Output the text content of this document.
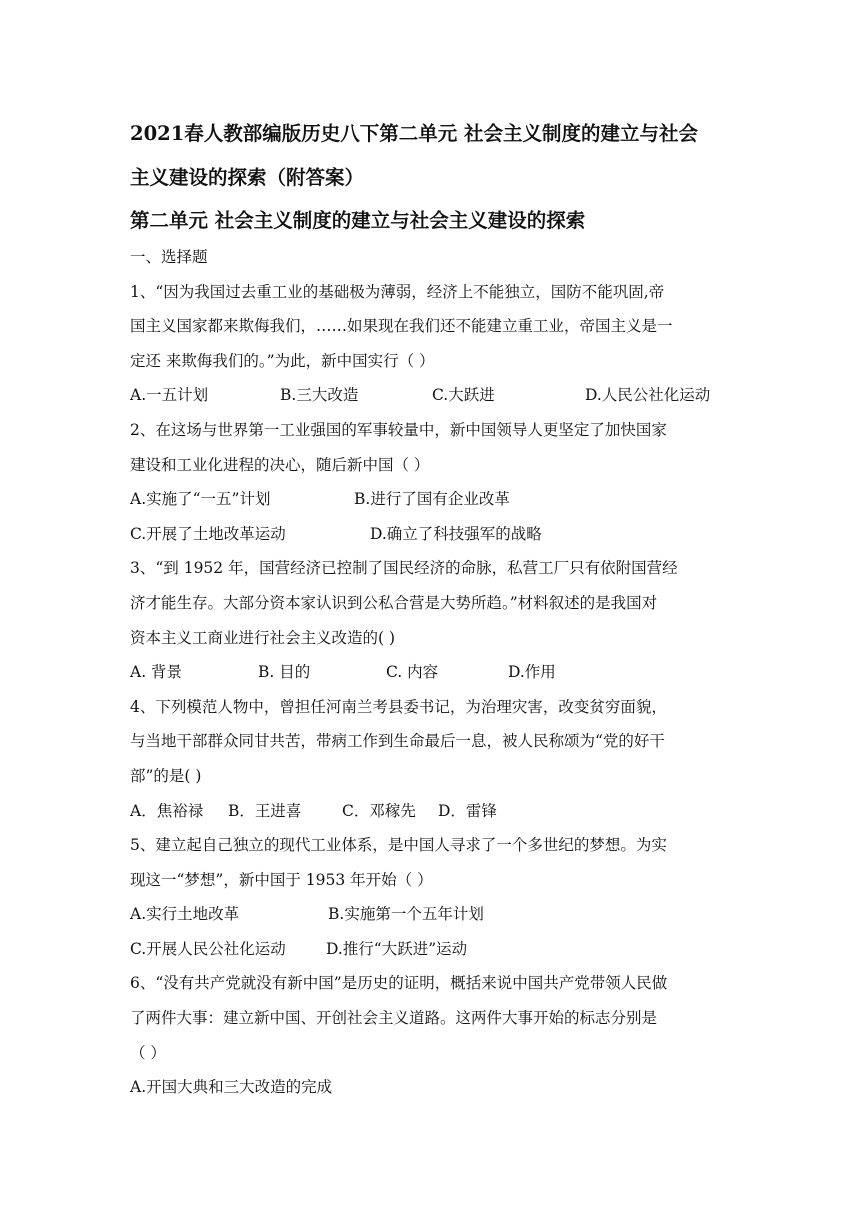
2021春人教部编版历史八下第二单元 社会主义制度的建立与社会
主义建设的探索（附答案）
第二单元 社会主义制度的建立与社会主义建设的探索
一、选择题
1、“因为我国过去重工业的基础极为薄弱，经济上不能独立，国防不能巩固,帝
国主义国家都来欺侮我们，……如果现在我们还不能建立重工业，帝国主义是一
定还 来欺侮我们的。”为此，新中国实行（ ）
A.一五计划	B.三大改造	C.大跃进	D.人民公社化运动
2、在这场与世界第一工业强国的军事较量中，新中国领导人更坚定了加快国家
建设和工业化进程的决心，随后新中国（ ）
A.实施了“一五”计划	B.进行了国有企业改革
C.开展了土地改革运动	D.确立了科技强军的战略
3、“到 1952 年，国营经济已控制了国民经济的命脉，私营工厂只有依附国营经
济才能生存。大部分资本家认识到公私合营是大势所趋。”材料叙述的是我国对
资本主义工商业进行社会主义改造的( )
A. 背景	B. 目的	C. 内容	D.作用
4、下列模范人物中，曾担任河南兰考县委书记，为治理灾害，改变贫穷面貌，
与当地干部群众同甘共苦，带病工作到生命最后一息，被人民称颂为“党的好干
部”的是( )
A．焦裕禄 B．王进喜	C．邓稼先 D．雷锋
5、建立起自己独立的现代工业体系，是中国人寻求了一个多世纪的梦想。为实
现这一“梦想”，新中国于 1953 年开始（ ）
A.实行土地改革	B.实施第一个五年计划
C.开展人民公社化运动	D.推行“大跃进”运动
6、“没有共产党就没有新中国”是历史的证明，概括来说中国共产党带领人民做
了两件大事：建立新中国、开创社会主义道路。这两件大事开始的标志分别是
（ ）
A.开国大典和三大改造的完成
